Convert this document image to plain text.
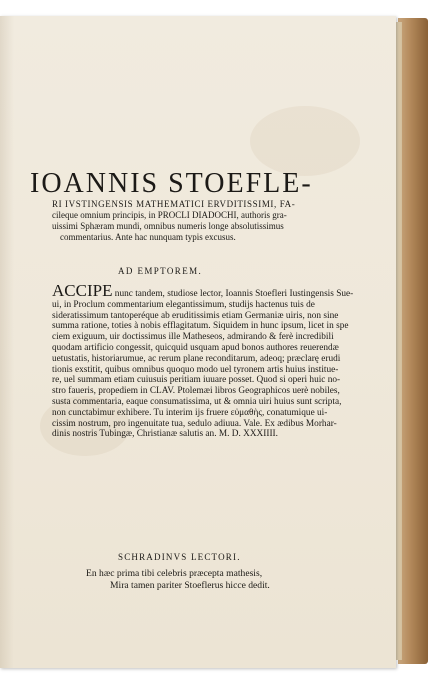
IOANNIS STOEFLE-
RI IVSTINGENSIS MATHEMATICI ERVDITISSIMI, FA-
cileque omnium principis, in PROCLI DIADOCHI, authoris gra-
uissimi Sphæram mundi, omnibus numeris longe absolutissimus
commentarius. Ante hac nunquam typis excusus.
AD EMPTOREM.
ACCIPE nunc tandem, studiose lector, Ioannis Stoefleri Iustingensis Sue-
ui, in Proclum commentarium elegantissimum, studijs hactenus tuis de
sideratissimum tantoperéque ab eruditissimis etiam Germaniæ uiris, non sine
summa ratione, toties à nobis efflagitatum. Siquidem in hunc ipsum, licet in spe
ciem exiguum, uir doctissimus ille Matheseos, admirando & ferè incredibili
quodam artificio congessit, quicquid usquam apud bonos authores reuerendæ
uetustatis, historiarumue, ac rerum plane reconditarum, adeoq; præclarę erudi
tionis exstitit, quibus omnibus quoquo modo uel tyronem artis huius institue-
re, uel summam etiam cuiusuis peritiam iuuare posset. Quod si operi huic no-
stro faueris, propediem in CLAV. Ptolemæi libros Geographicos uerè nobiles,
susta commentaria, eaque consumatissima, ut & omnia uiri huius sunt scripta,
non cunctabimur exhibere. Tu interim ijs fruere εὐμαθὴς, conatumique ui-
cissim nostrum, pro ingenuitate tua, sedulo adiuua. Vale. Ex ædibus Morhar-
dinis nostris Tubingæ, Christianæ salutis an. M. D. XXXIIII.
SCHRADINVS LECTORI.
En hæc prima tibi celebris præcepta mathesis,
Mira tamen pariter Stoeflerus hicce dedit.
